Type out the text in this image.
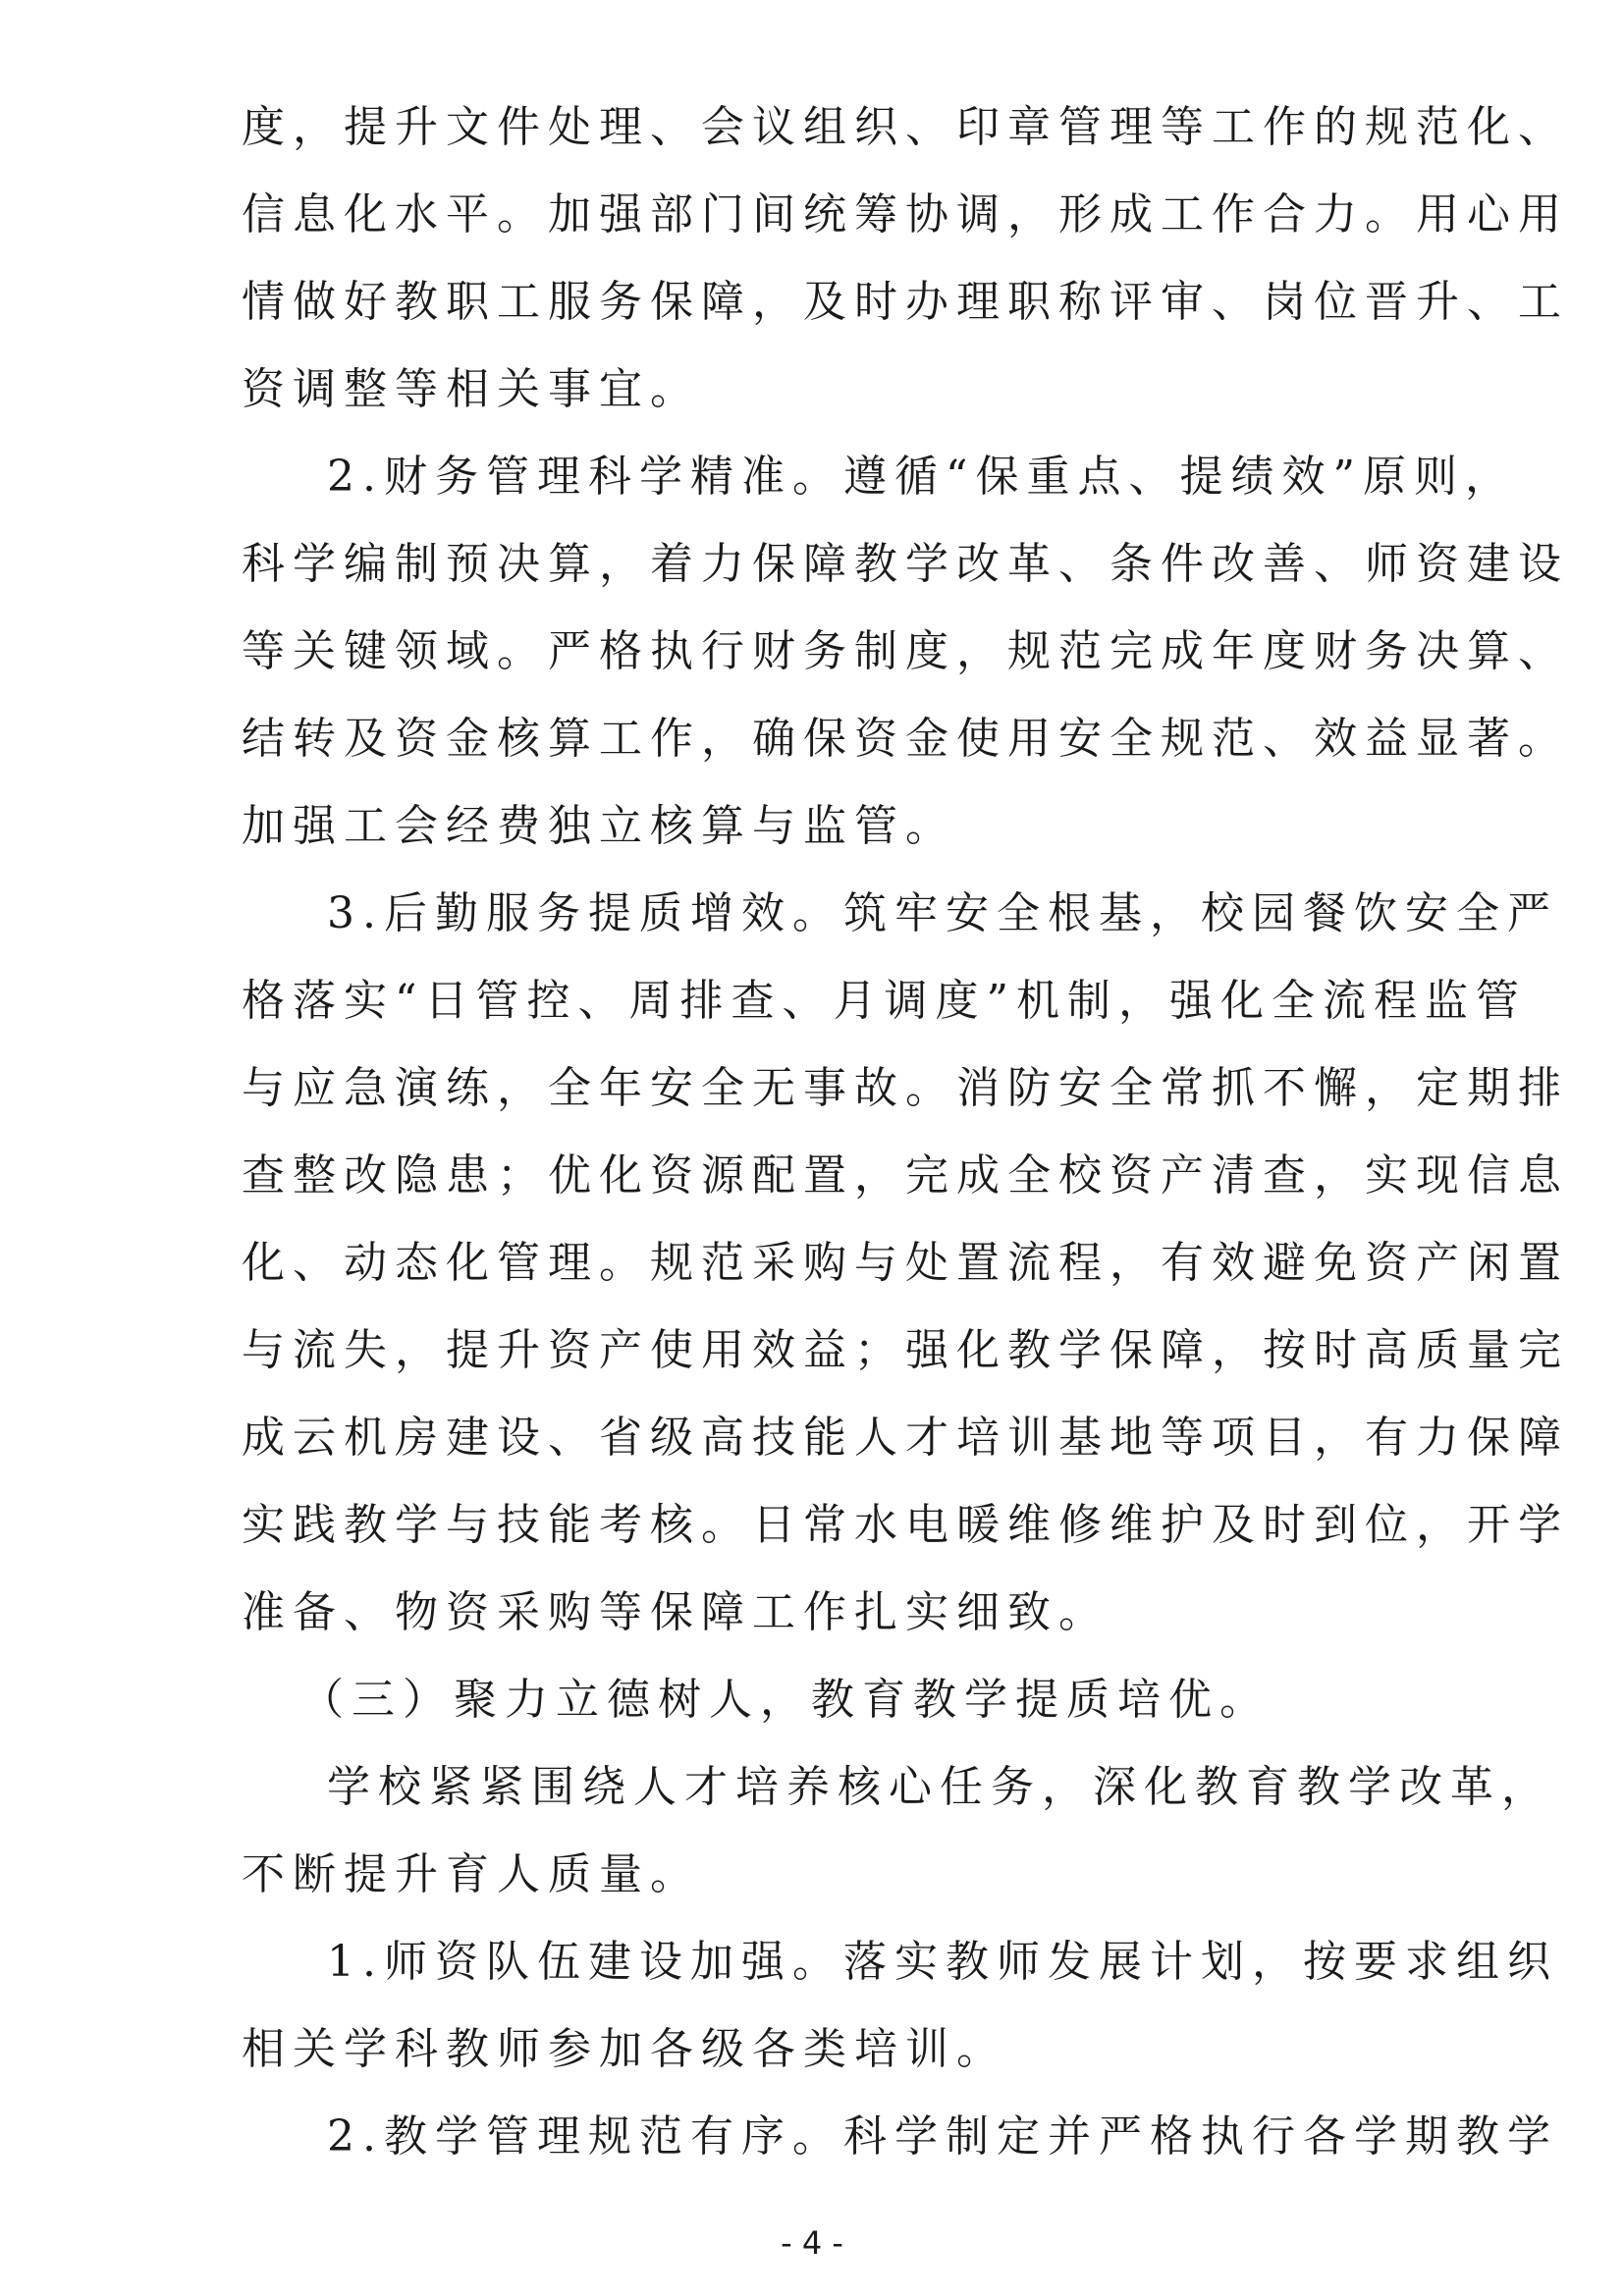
度，提升文件处理、会议组织、印章管理等工作的规范化、
信息化水平。加强部门间统筹协调，形成工作合力。用心用
情做好教职工服务保障，及时办理职称评审、岗位晋升、工
资调整等相关事宜。
2.财务管理科学精准。遵循“保重点、提绩效”原则，
科学编制预决算，着力保障教学改革、条件改善、师资建设
等关键领域。严格执行财务制度，规范完成年度财务决算、
结转及资金核算工作，确保资金使用安全规范、效益显著。
加强工会经费独立核算与监管。
3.后勤服务提质增效。筑牢安全根基，校园餐饮安全严
格落实“日管控、周排查、月调度”机制，强化全流程监管
与应急演练，全年安全无事故。消防安全常抓不懈，定期排
查整改隐患；优化资源配置，完成全校资产清查，实现信息
化、动态化管理。规范采购与处置流程，有效避免资产闲置
与流失，提升资产使用效益；强化教学保障，按时高质量完
成云机房建设、省级高技能人才培训基地等项目，有力保障
实践教学与技能考核。日常水电暖维修维护及时到位，开学
准备、物资采购等保障工作扎实细致。
（三）聚力立德树人，教育教学提质培优。
学校紧紧围绕人才培养核心任务，深化教育教学改革，
不断提升育人质量。
1.师资队伍建设加强。落实教师发展计划，按要求组织
相关学科教师参加各级各类培训。
2.教学管理规范有序。科学制定并严格执行各学期教学
- 4 -
